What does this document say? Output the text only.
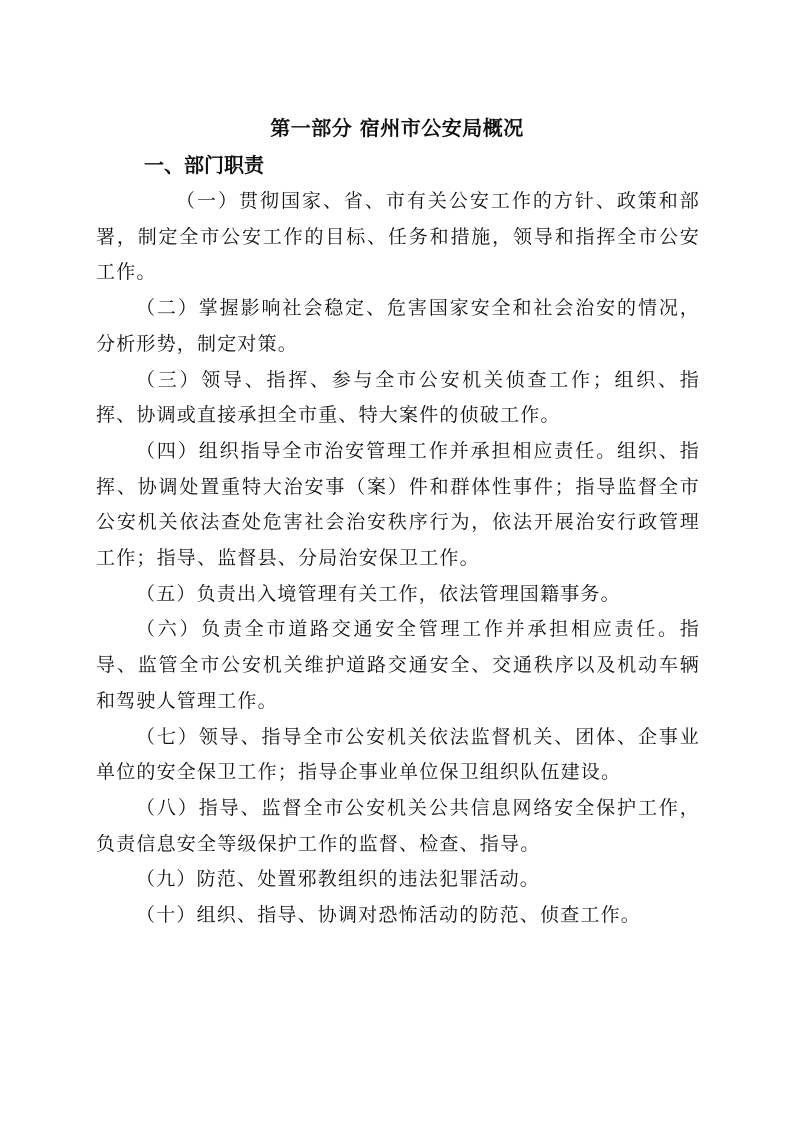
第一部分 宿州市公安局概况
一、部门职责

（一）贯彻国家、省、市有关公安工作的方针、政策和部署，制定全市公安工作的目标、任务和措施，领导和指挥全市公安工作。

（二）掌握影响社会稳定、危害国家安全和社会治安的情况，分析形势，制定对策。

（三）领导、指挥、参与全市公安机关侦查工作；组织、指挥、协调或直接承担全市重、特大案件的侦破工作。

（四）组织指导全市治安管理工作并承担相应责任。组织、指挥、协调处置重特大治安事（案）件和群体性事件；指导监督全市公安机关依法查处危害社会治安秩序行为，依法开展治安行政管理工作；指导、监督县、分局治安保卫工作。

（五）负责出入境管理有关工作，依法管理国籍事务。

（六）负责全市道路交通安全管理工作并承担相应责任。指导、监管全市公安机关维护道路交通安全、交通秩序以及机动车辆和驾驶人管理工作。

（七）领导、指导全市公安机关依法监督机关、团体、企事业单位的安全保卫工作；指导企事业单位保卫组织队伍建设。

（八）指导、监督全市公安机关公共信息网络安全保护工作，负责信息安全等级保护工作的监督、检查、指导。

（九）防范、处置邪教组织的违法犯罪活动。

（十）组织、指导、协调对恐怖活动的防范、侦查工作。
